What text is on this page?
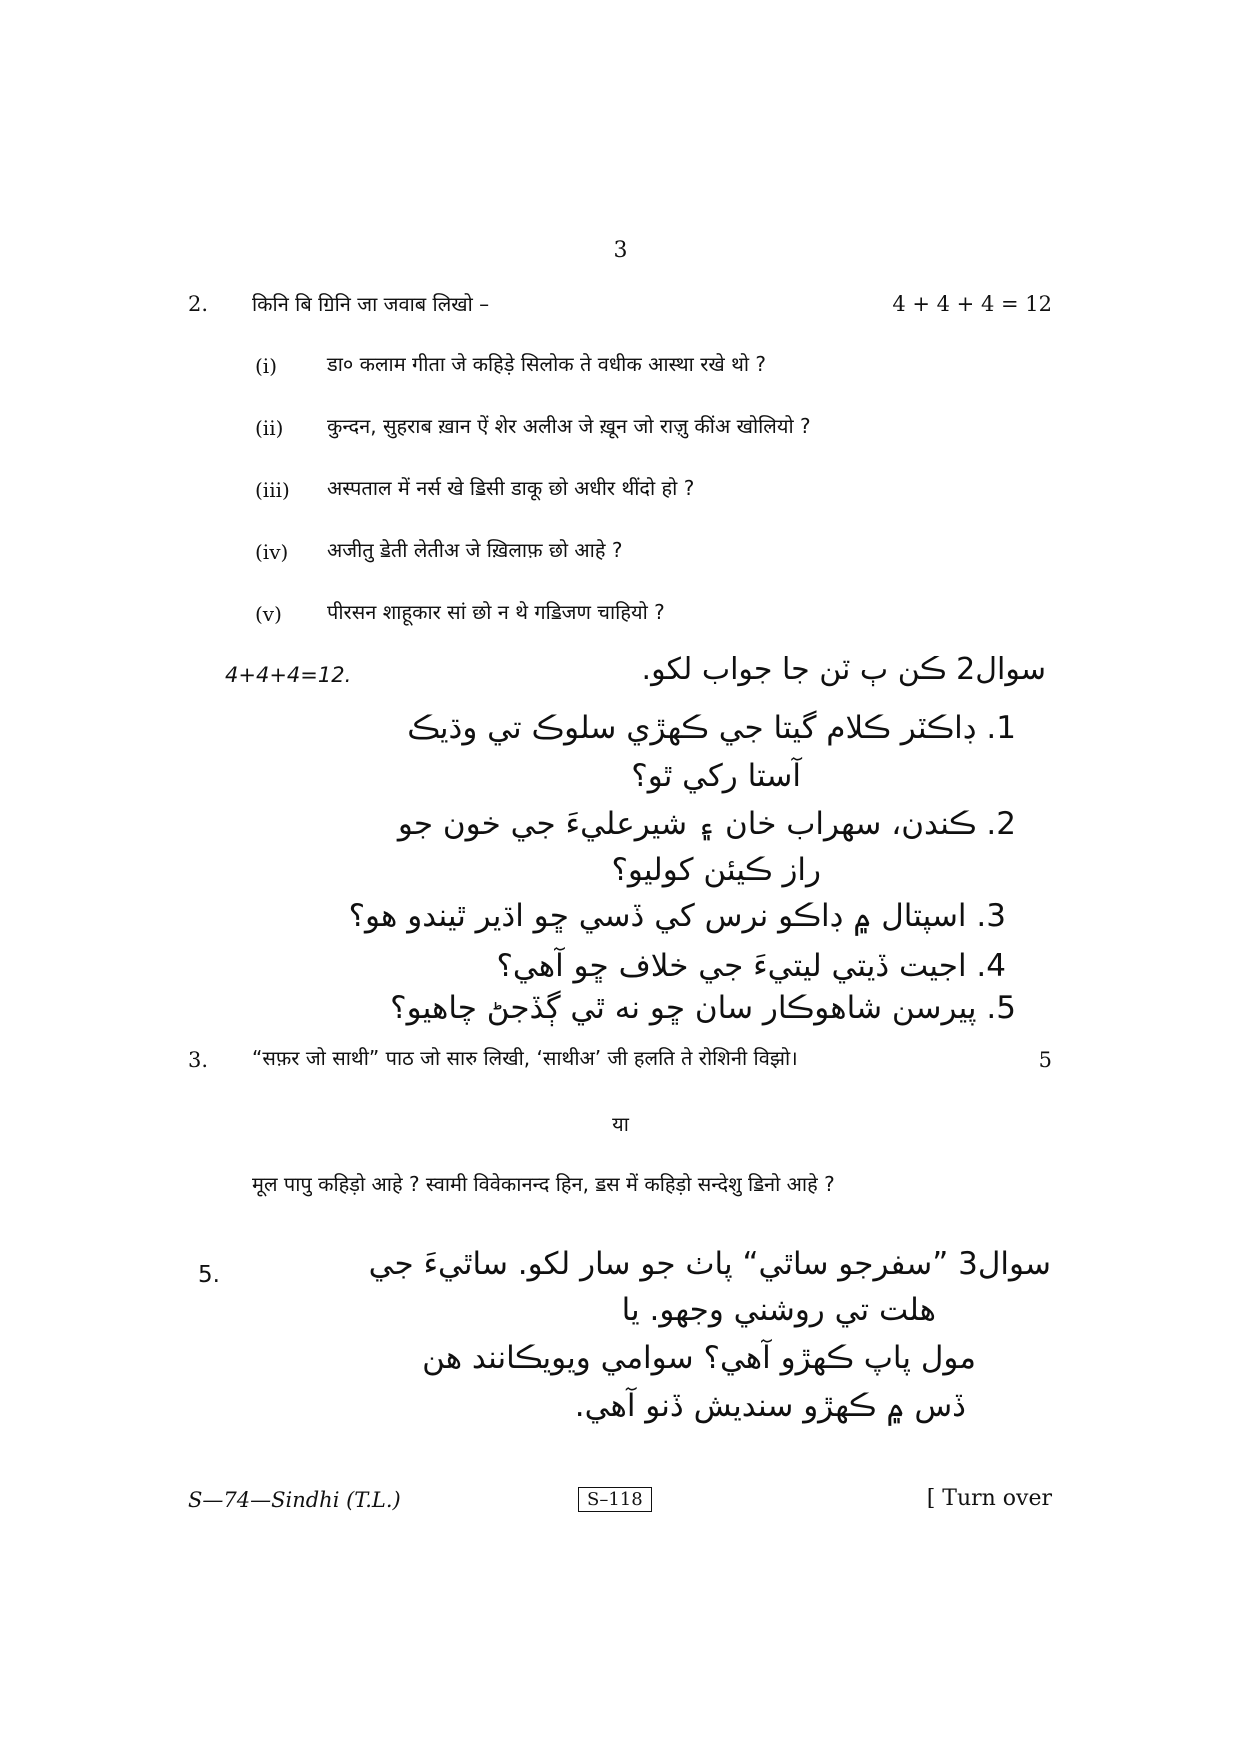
3
2. किनि बि ॻिनि जा जवाब लिखो –	4 + 4 + 4 = 12
(i) डा० कलाम गीता जे कहिड़े सिलोक ते वधीक आस्था रखे थो ?
(ii) कुन्दन, सुहराब ख़ान ऐं शेर अलीअ जे ख़ून जो राज़ु कींअ खोलियो ?
(iii) अस्पताल में नर्स खे ॾिसी डाकू छो अधीर थींदो हो ?
(iv) अजीतु ॾेती लेतीअ जे ख़िलाफ़ छो आहे ?
(v) पीरसन शाहूकार सां छो न थे गॾिजण चाहियो ?
4+4+4=12.	سوال2 ڪن ٻ ٽن جا جواب لکو.
1. ڊاڪٽر ڪلام گيتا جي ڪهڙي سلوڪ تي وڌيڪ
آستا رکي ٿو؟
2. ڪندن، سهراب خان ۽ شيرعليءَ جي خون جو
راز ڪيئن کوليو؟
3. اسپتال ۾ ڊاڪو نرس کي ڏسي ڇو اڌير ٿيندو هو؟
4. اجيت ڏيتي ليتيءَ جي خلاف ڇو آهي؟
5. پيرسن شاهوڪار سان ڇو نه ٿي ڳڏجڻ چاهيو؟
3. “सफ़र जो साथी” पाठ जो सारु लिखी, ‘साथीअ’ जी हलति ते रोशिनी विझो।	5
या
मूल पापु कहिड़ो आहे ? स्वामी विवेकानन्द हिन, ॾस में कहिड़ो सन्देशु ॾिनो आहे ?
5.	سوال3 ”سفرجو ساٿي“ پاٺ جو سار لکو. ساٿيءَ جي
هلت تي روشني وجهو. يا
مول پاپ ڪهڙو آهي؟ سوامي ويويڪانند هن
ڏس ۾ ڪهڙو سنديش ڏنو آهي.
S—74—Sindhi (T.L.)	S–118	[ Turn over
